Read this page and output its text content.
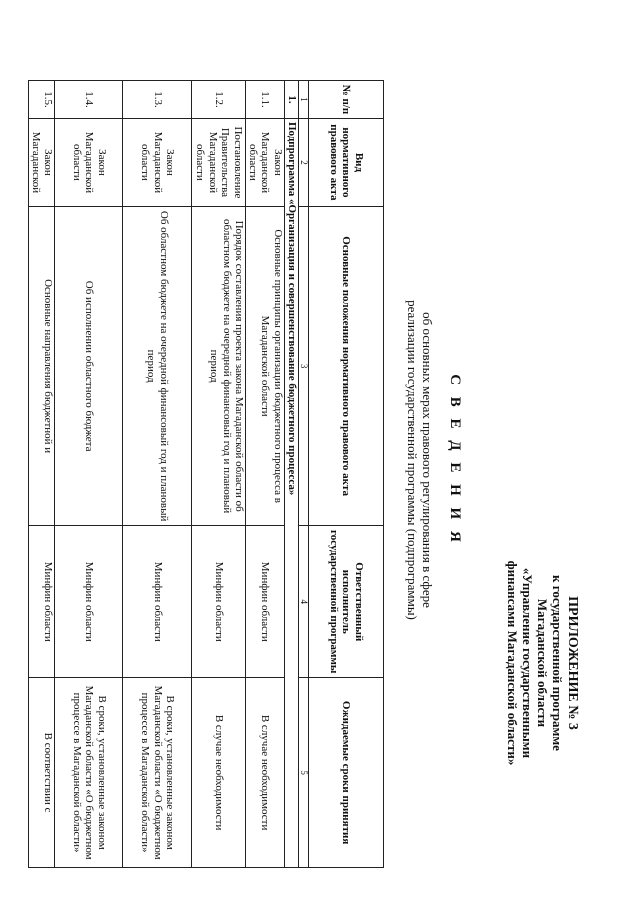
ПРИЛОЖЕНИЕ № 3
к государственной программе
Магаданской области
«Управление государственными
финансами Магаданской области»
С В Е Д Е Н И Я
об основных мерах правового регулирования в сфере
реализации государственной программы (подпрограммы)
№ п/п	Вид нормативного правового акта	Основные положения нормативного правового акта	Ответственный исполнитель государственной программы	Ожидаемые сроки принятия
1	2	3	4	5
1.	Подпрограмма «Организация и совершенствование бюджетного процесса»			
1.1.	Закон Магаданской области	Основные принципы организации бюджетного процесса в Магаданской области	Минфин области	В случае необходимости
1.2.	Постановление Правительства Магаданской области	Порядок составления проекта закона Магаданской области об областном бюджете на очередной финансовый год и плановый период	Минфин области	В случае необходимости
1.3.	Закон Магаданской области	Об областном бюджете на очередной финансовый год и плановый период	Минфин области	В сроки, установленные законом Магаданской области «О бюджетном процессе в Магаданской области»
1.4.	Закон Магаданской области	Об исполнении областного бюджета	Минфин области	В сроки, установленные законом Магаданской области «О бюджетном процессе в Магаданской области»
1.5.	Закон Магаданской	Основные направления бюджетной и	Минфин области	В соответствии с
